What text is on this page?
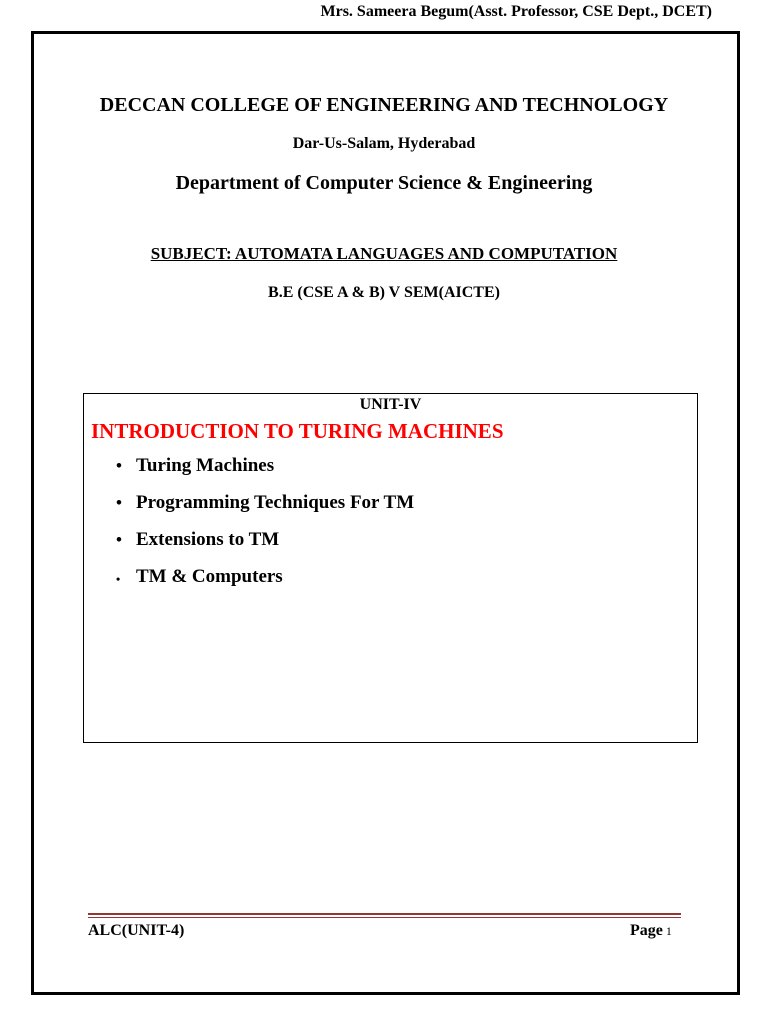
Mrs. Sameera Begum(Asst. Professor, CSE Dept., DCET)
DECCAN COLLEGE OF ENGINEERING AND TECHNOLOGY
Dar-Us-Salam, Hyderabad
Department of Computer Science & Engineering
SUBJECT: AUTOMATA LANGUAGES AND COMPUTATION
B.E (CSE A & B) V SEM(AICTE)
UNIT-IV
INTRODUCTION TO TURING MACHINES
• Turing Machines
• Programming Techniques For TM
• Extensions to TM
• TM & Computers
ALC(UNIT-4)	Page 1
